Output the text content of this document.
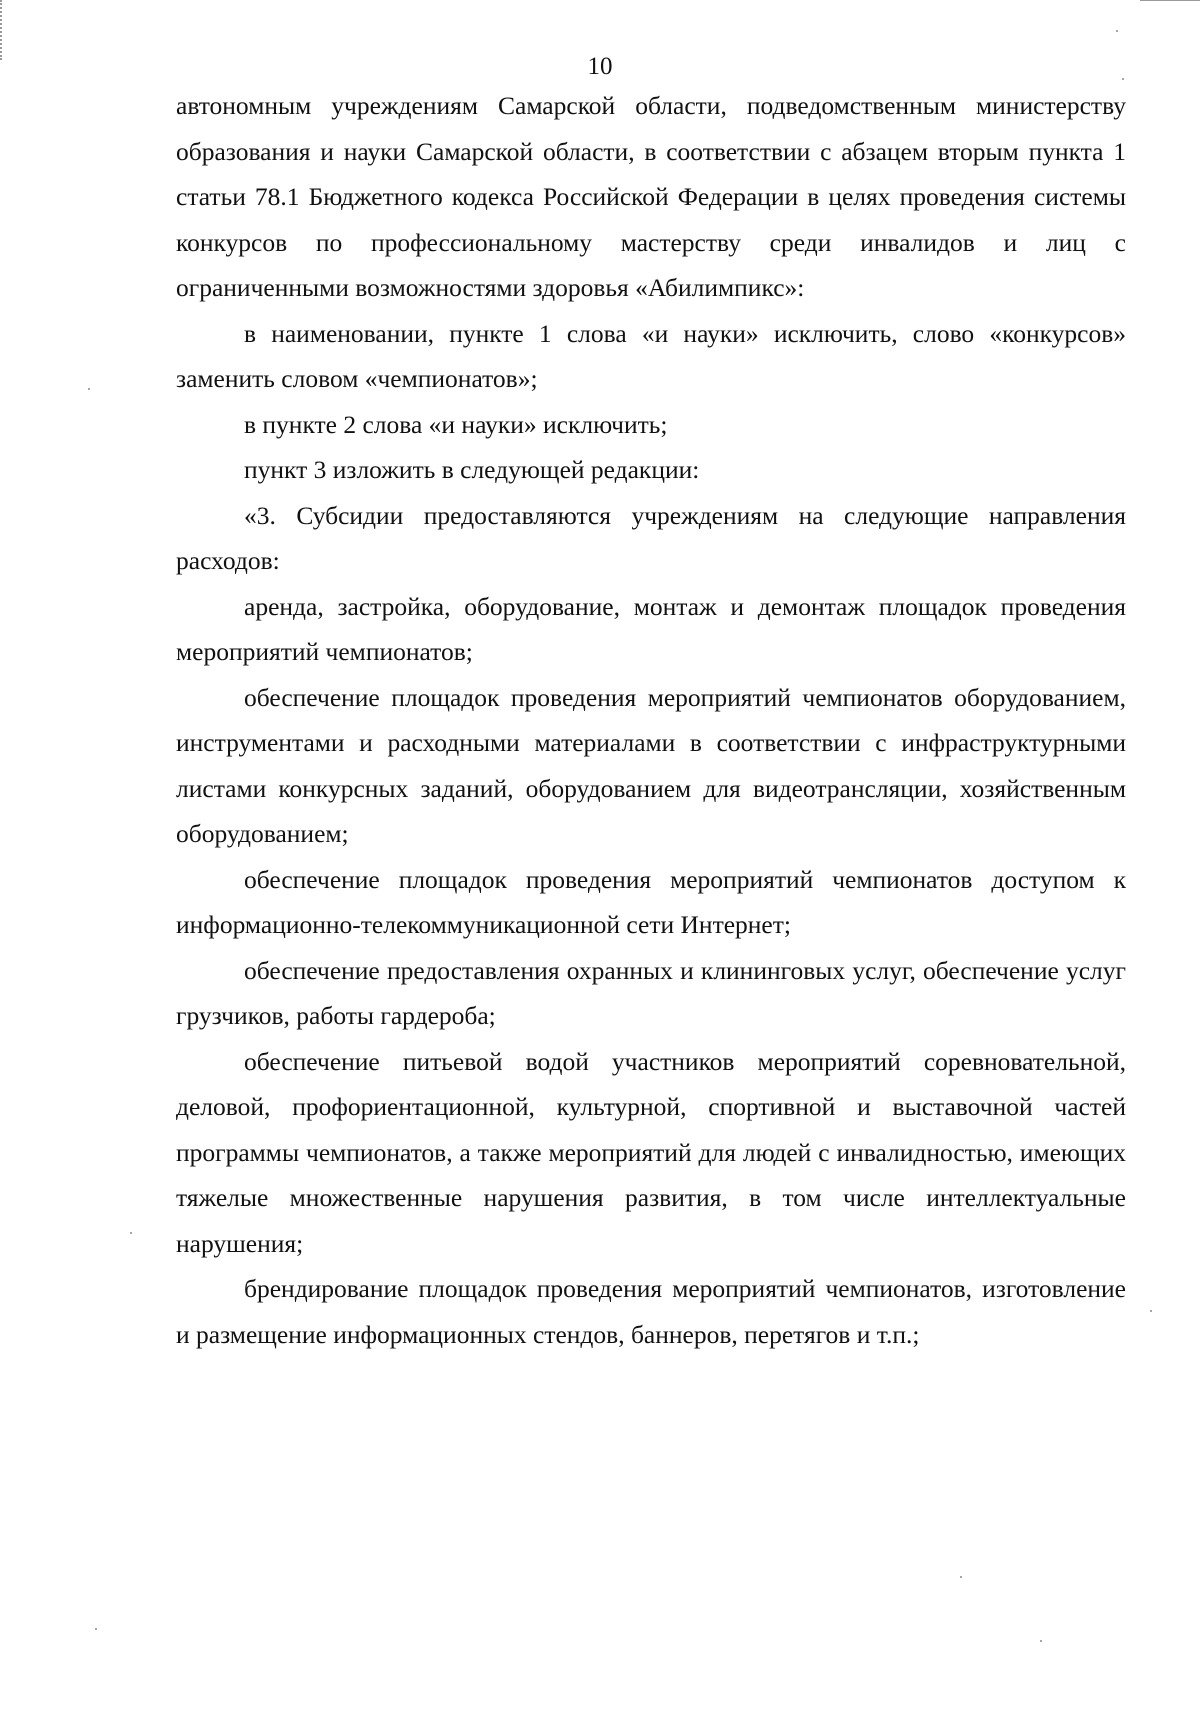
10

автономным учреждениям Самарской области, подведомственным министерству образования и науки Самарской области, в соответствии с абзацем вторым пункта 1 статьи 78.1 Бюджетного кодекса Российской Федерации в целях проведения системы конкурсов по профессиональному мастерству среди инвалидов и лиц с ограниченными возможностями здоровья «Абилимпикс»:

в наименовании, пункте 1 слова «и науки» исключить, слово «конкурсов» заменить словом «чемпионатов»;

в пункте 2 слова «и науки» исключить;

пункт 3 изложить в следующей редакции:

«3. Субсидии предоставляются учреждениям на следующие направления расходов:

аренда, застройка, оборудование, монтаж и демонтаж площадок проведения мероприятий чемпионатов;

обеспечение площадок проведения мероприятий чемпионатов оборудованием, инструментами и расходными материалами в соответствии с инфраструктурными листами конкурсных заданий, оборудованием для видеотрансляции, хозяйственным оборудованием;

обеспечение площадок проведения мероприятий чемпионатов доступом к информационно-телекоммуникационной сети Интернет;

обеспечение предоставления охранных и клининговых услуг, обеспечение услуг грузчиков, работы гардероба;

обеспечение питьевой водой участников мероприятий соревновательной, деловой, профориентационной, культурной, спортивной и выставочной частей программы чемпионатов, а также мероприятий для людей с инвалидностью, имеющих тяжелые множественные нарушения развития, в том числе интеллектуальные нарушения;

брендирование площадок проведения мероприятий чемпионатов, изготовление и размещение информационных стендов, баннеров, перетягов и т.п.;
